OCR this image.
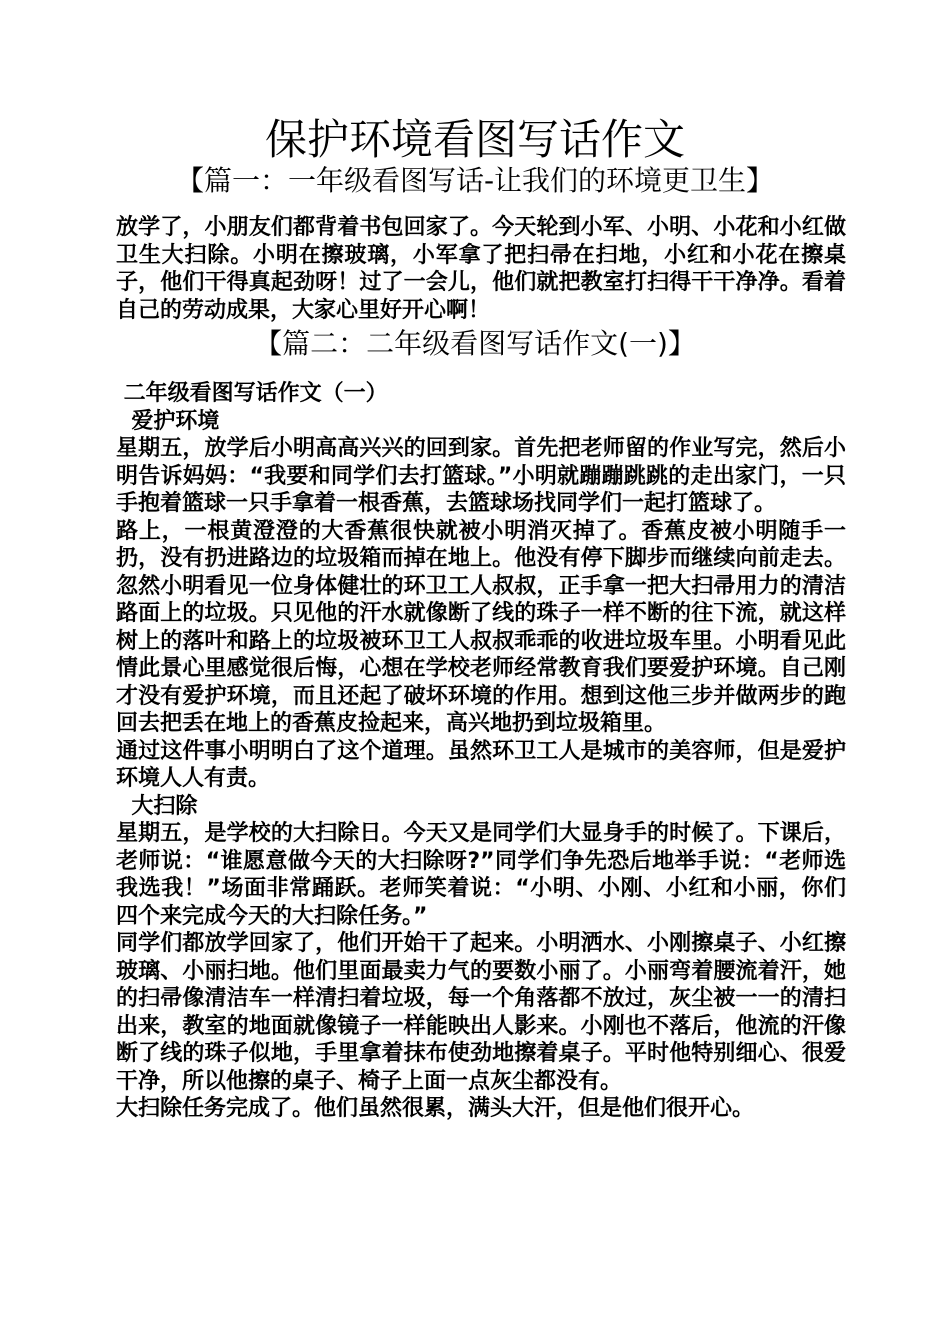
保护环境看图写话作文
【篇一：一年级看图写话-让我们的环境更卫生】
放学了，小朋友们都背着书包回家了。今天轮到小军、小明、小花和小红做卫生大扫除。小明在擦玻璃，小军拿了把扫帚在扫地，小红和小花在擦桌子，他们干得真起劲呀！过了一会儿，他们就把教室打扫得干干净净。看着自己的劳动成果，大家心里好开心啊！
【篇二：二年级看图写话作文(一)】
二年级看图写话作文（一）
爱护环境
星期五，放学后小明高高兴兴的回到家。首先把老师留的作业写完，然后小明告诉妈妈：“我要和同学们去打篮球。”小明就蹦蹦跳跳的走出家门，一只手抱着篮球一只手拿着一根香蕉，去篮球场找同学们一起打篮球了。
路上，一根黄澄澄的大香蕉很快就被小明消灭掉了。香蕉皮被小明随手一扔，没有扔进路边的垃圾箱而掉在地上。他没有停下脚步而继续向前走去。忽然小明看见一位身体健壮的环卫工人叔叔，正手拿一把大扫帚用力的清洁路面上的垃圾。只见他的汗水就像断了线的珠子一样不断的往下流，就这样树上的落叶和路上的垃圾被环卫工人叔叔乖乖的收进垃圾车里。小明看见此情此景心里感觉很后悔，心想在学校老师经常教育我们要爱护环境。自己刚才没有爱护环境，而且还起了破坏环境的作用。想到这他三步并做两步的跑回去把丢在地上的香蕉皮捡起来，高兴地扔到垃圾箱里。
通过这件事小明明白了这个道理。虽然环卫工人是城市的美容师，但是爱护环境人人有责。
大扫除
星期五，是学校的大扫除日。今天又是同学们大显身手的时候了。下课后，老师说：“谁愿意做今天的大扫除呀?”同学们争先恐后地举手说：“老师选我选我！”场面非常踊跃。老师笑着说：“小明、小刚、小红和小丽，你们四个来完成今天的大扫除任务。”
同学们都放学回家了，他们开始干了起来。小明洒水、小刚擦桌子、小红擦玻璃、小丽扫地。他们里面最卖力气的要数小丽了。小丽弯着腰流着汗，她的扫帚像清洁车一样清扫着垃圾，每一个角落都不放过，灰尘被一一的清扫出来，教室的地面就像镜子一样能映出人影来。小刚也不落后，他流的汗像断了线的珠子似地，手里拿着抹布使劲地擦着桌子。平时他特别细心、很爱干净，所以他擦的桌子、椅子上面一点灰尘都没有。
大扫除任务完成了。他们虽然很累，满头大汗，但是他们很开心。
